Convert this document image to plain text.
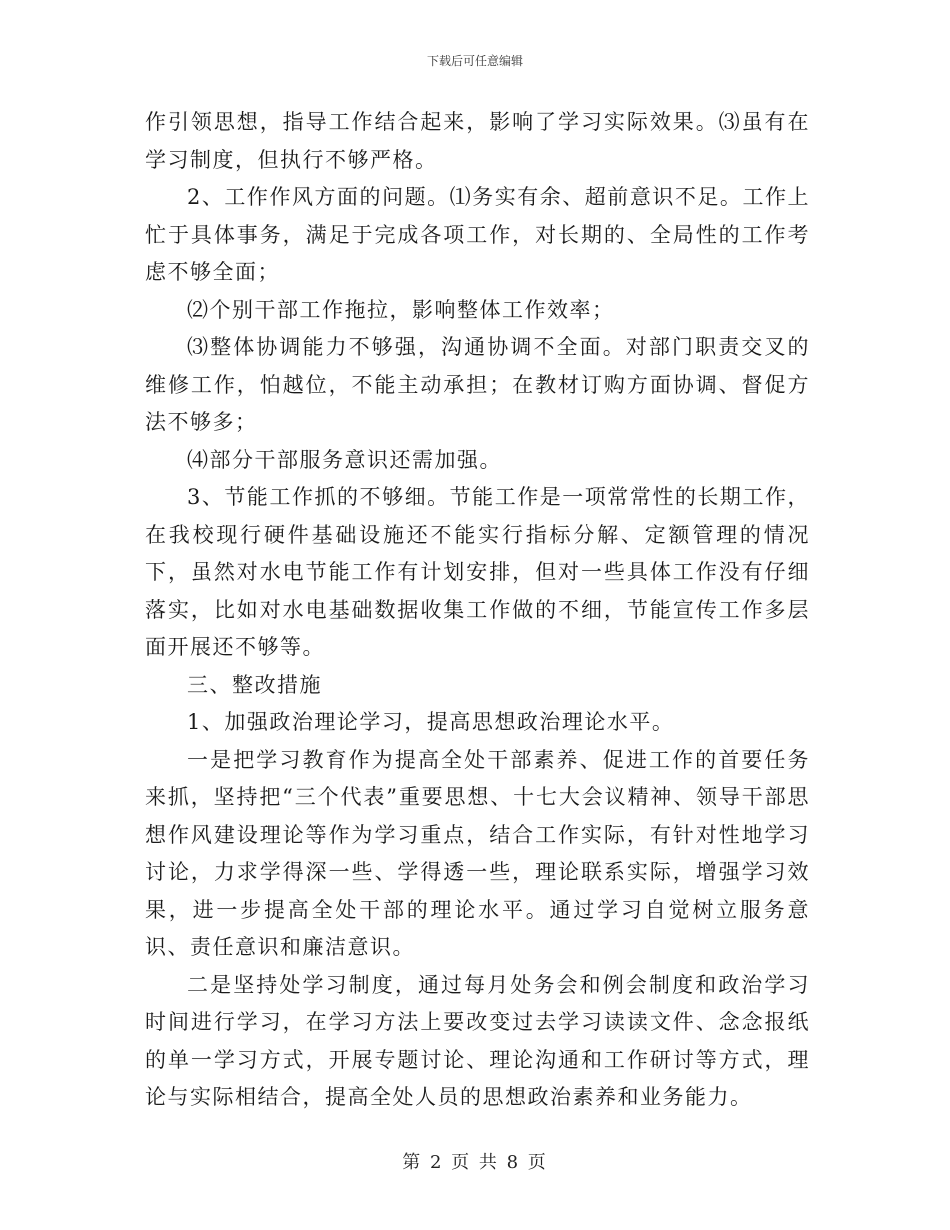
下载后可任意编辑

作引领思想，指导工作结合起来，影响了学习实际效果。⑶虽有在学习制度，但执行不够严格。

2、工作作风方面的问题。⑴务实有余、超前意识不足。工作上忙于具体事务，满足于完成各项工作，对长期的、全局性的工作考虑不够全面；

⑵个别干部工作拖拉，影响整体工作效率；

⑶整体协调能力不够强，沟通协调不全面。对部门职责交叉的维修工作，怕越位，不能主动承担；在教材订购方面协调、督促方法不够多；

⑷部分干部服务意识还需加强。

3、节能工作抓的不够细。节能工作是一项常常性的长期工作，在我校现行硬件基础设施还不能实行指标分解、定额管理的情况下，虽然对水电节能工作有计划安排，但对一些具体工作没有仔细落实，比如对水电基础数据收集工作做的不细，节能宣传工作多层面开展还不够等。

三、整改措施

1、加强政治理论学习，提高思想政治理论水平。

一是把学习教育作为提高全处干部素养、促进工作的首要任务来抓，坚持把“三个代表”重要思想、十七大会议精神、领导干部思想作风建设理论等作为学习重点，结合工作实际，有针对性地学习讨论，力求学得深一些、学得透一些，理论联系实际，增强学习效果，进一步提高全处干部的理论水平。通过学习自觉树立服务意识、责任意识和廉洁意识。

二是坚持处学习制度，通过每月处务会和例会制度和政治学习时间进行学习，在学习方法上要改变过去学习读读文件、念念报纸的单一学习方式，开展专题讨论、理论沟通和工作研讨等方式，理论与实际相结合，提高全处人员的思想政治素养和业务能力。

第 2 页 共 8 页
